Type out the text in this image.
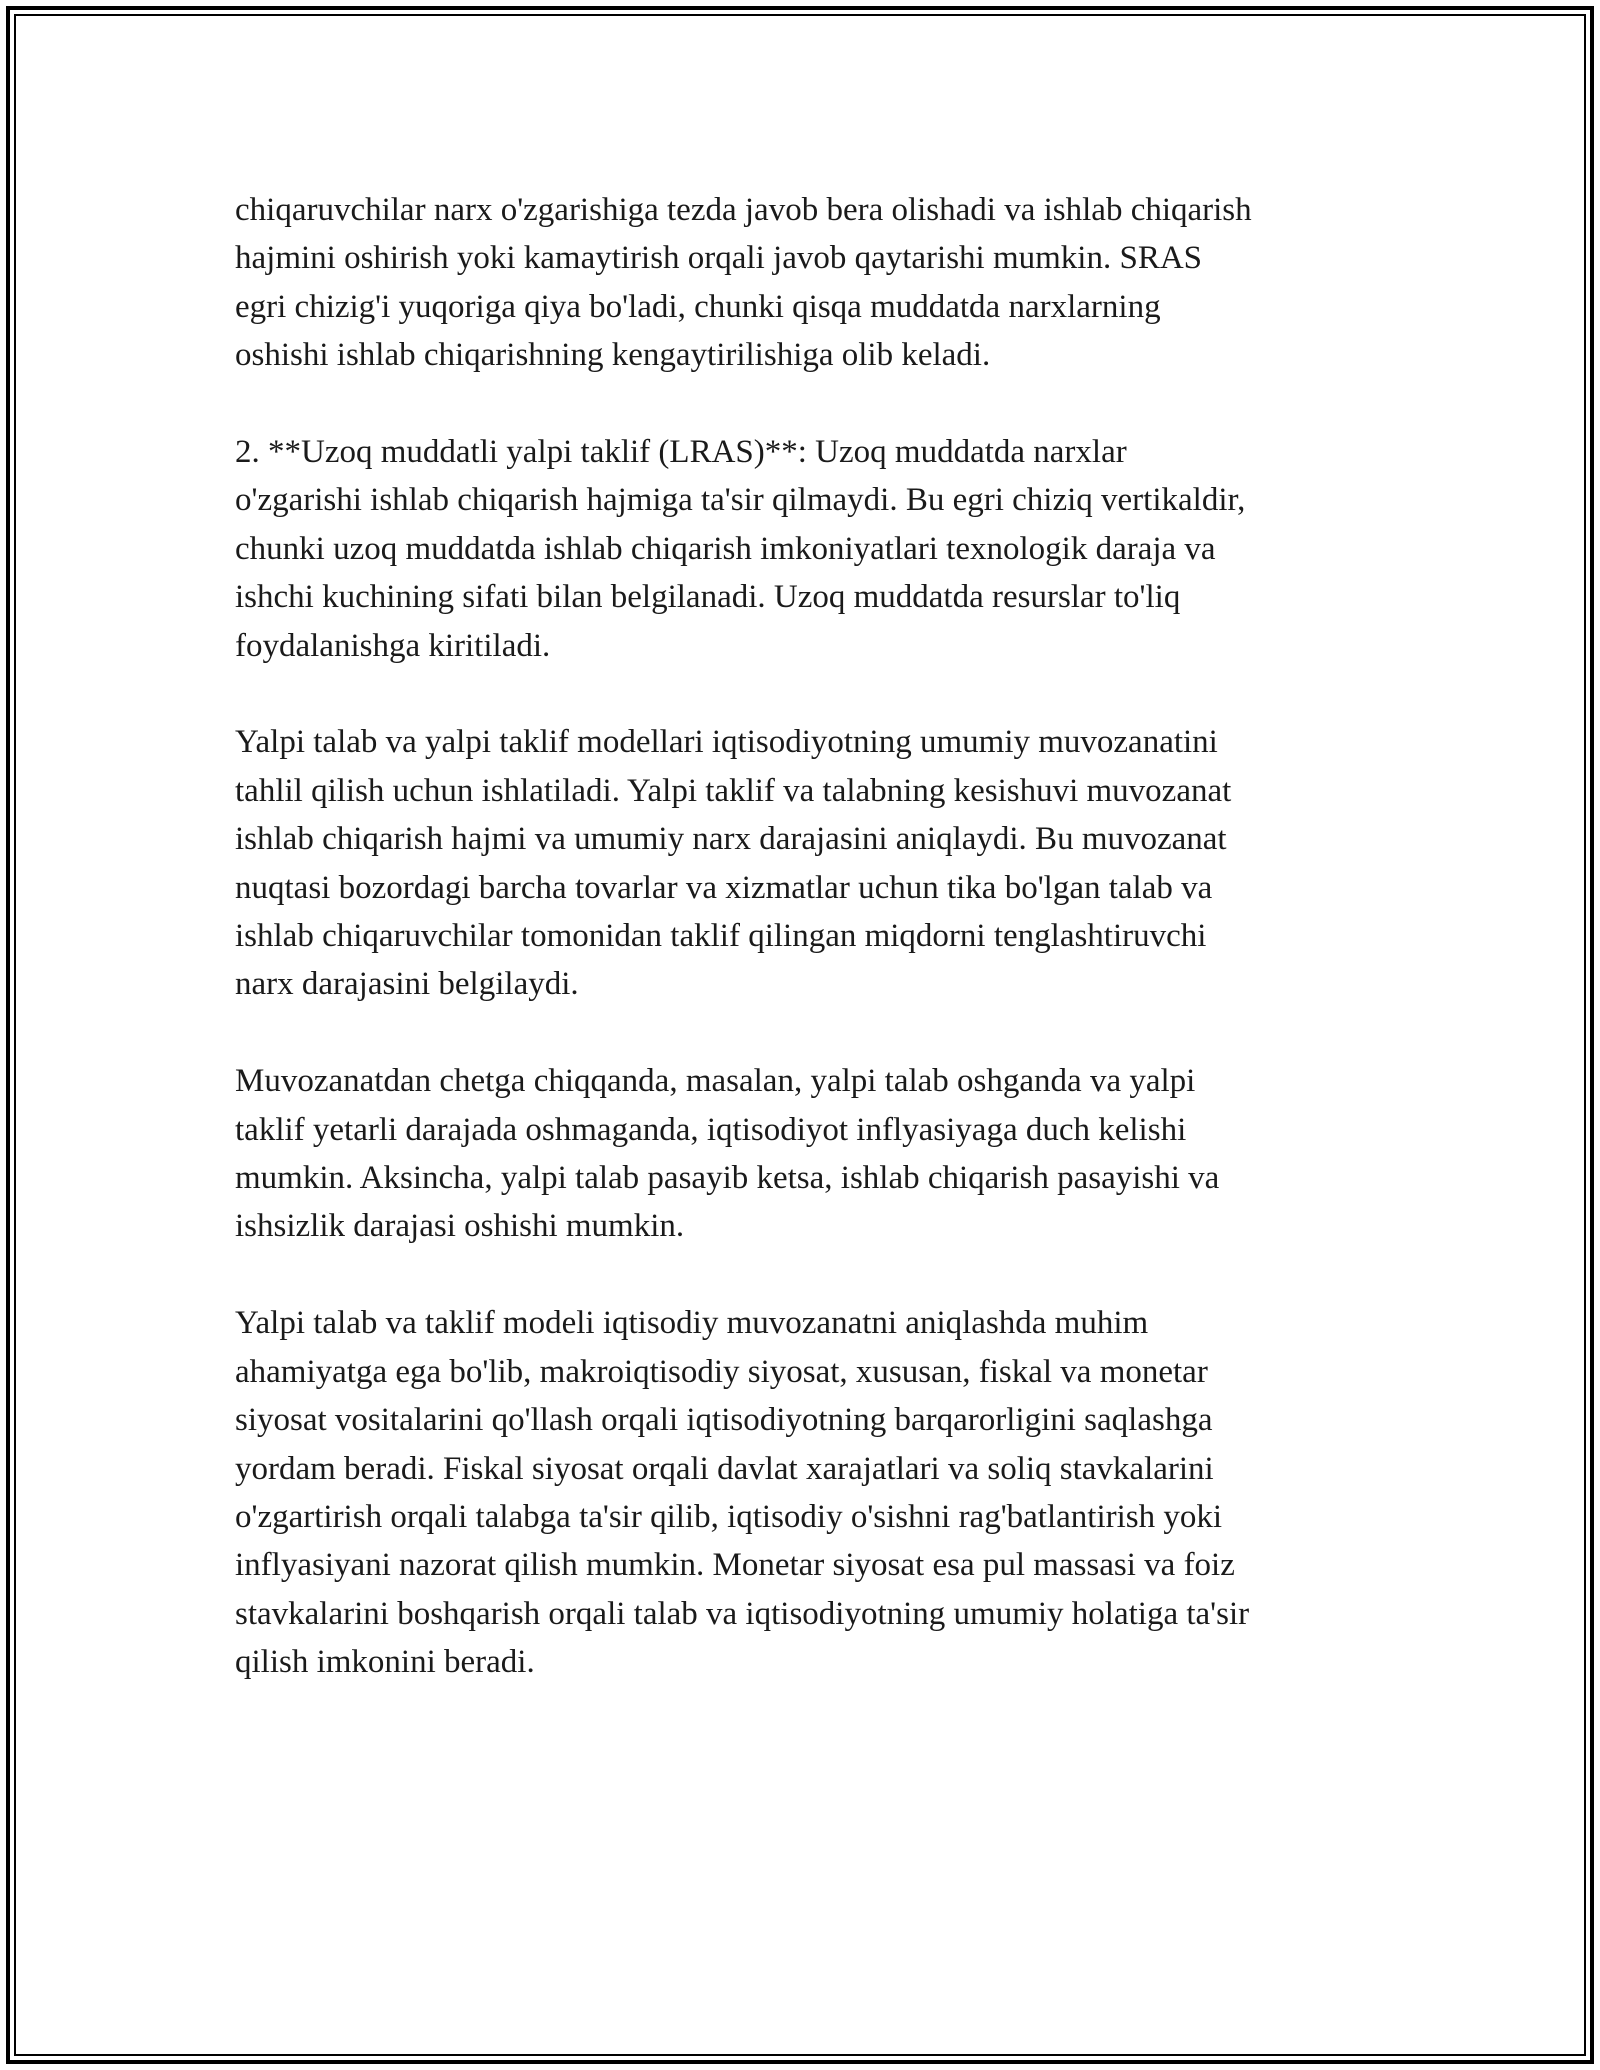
chiqaruvchilar narx o'zgarishiga tezda javob bera olishadi va ishlab chiqarish
hajmini oshirish yoki kamaytirish orqali javob qaytarishi mumkin. SRAS
egri chizig'i yuqoriga qiya bo'ladi, chunki qisqa muddatda narxlarning
oshishi ishlab chiqarishning kengaytirilishiga olib keladi.

2. **Uzoq muddatli yalpi taklif (LRAS)**: Uzoq muddatda narxlar
o'zgarishi ishlab chiqarish hajmiga ta'sir qilmaydi. Bu egri chiziq vertikaldir,
chunki uzoq muddatda ishlab chiqarish imkoniyatlari texnologik daraja va
ishchi kuchining sifati bilan belgilanadi. Uzoq muddatda resurslar to'liq
foydalanishga kiritiladi.

Yalpi talab va yalpi taklif modellari iqtisodiyotning umumiy muvozanatini
tahlil qilish uchun ishlatiladi. Yalpi taklif va talabning kesishuvi muvozanat
ishlab chiqarish hajmi va umumiy narx darajasini aniqlaydi. Bu muvozanat
nuqtasi bozordagi barcha tovarlar va xizmatlar uchun tika bo'lgan talab va
ishlab chiqaruvchilar tomonidan taklif qilingan miqdorni tenglashtiruvchi
narx darajasini belgilaydi.

Muvozanatdan chetga chiqqanda, masalan, yalpi talab oshganda va yalpi
taklif yetarli darajada oshmaganda, iqtisodiyot inflyasiyaga duch kelishi
mumkin. Aksincha, yalpi talab pasayib ketsa, ishlab chiqarish pasayishi va
ishsizlik darajasi oshishi mumkin.

Yalpi talab va taklif modeli iqtisodiy muvozanatni aniqlashda muhim
ahamiyatga ega bo'lib, makroiqtisodiy siyosat, xususan, fiskal va monetar
siyosat vositalarini qo'llash orqali iqtisodiyotning barqarorligini saqlashga
yordam beradi. Fiskal siyosat orqali davlat xarajatlari va soliq stavkalarini
o'zgartirish orqali talabga ta'sir qilib, iqtisodiy o'sishni rag'batlantirish yoki
inflyasiyani nazorat qilish mumkin. Monetar siyosat esa pul massasi va foiz
stavkalarini boshqarish orqali talab va iqtisodiyotning umumiy holatiga ta'sir
qilish imkonini beradi.
